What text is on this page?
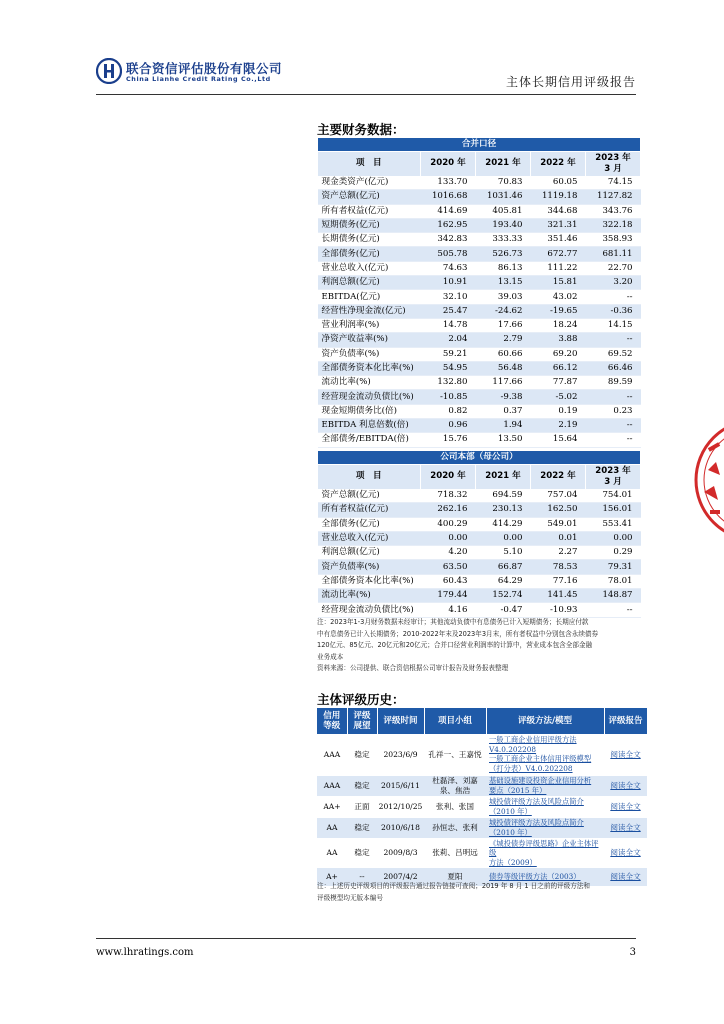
联合资信评估股份有限公司
China Lianhe Credit Rating Co.,Ltd	主体长期信用评级报告
主要财务数据：
合并口径				
项　目	2020 年	2021 年	2022 年	2023 年
3 月
现金类资产(亿元)	133.70	70.83	60.05	74.15
资产总额(亿元)	1016.68	1031.46	1119.18	1127.82
所有者权益(亿元)	414.69	405.81	344.68	343.76
短期债务(亿元)	162.95	193.40	321.31	322.18
长期债务(亿元)	342.83	333.33	351.46	358.93
全部债务(亿元)	505.78	526.73	672.77	681.11
营业总收入(亿元)	74.63	86.13	111.22	22.70
利润总额(亿元)	10.91	13.15	15.81	3.20
EBITDA(亿元)	32.10	39.03	43.02	--
经营性净现金流(亿元)	25.47	-24.62	-19.65	-0.36
营业利润率(%)	14.78	17.66	18.24	14.15
净资产收益率(%)	2.04	2.79	3.88	--
资产负债率(%)	59.21	60.66	69.20	69.52
全部债务资本化比率(%)	54.95	56.48	66.12	66.46
流动比率(%)	132.80	117.66	77.87	89.59
经营现金流动负债比(%)	-10.85	-9.38	-5.02	--
现金短期债务比(倍)	0.82	0.37	0.19	0.23
EBITDA 利息倍数(倍)	0.96	1.94	2.19	--
全部债务/EBITDA(倍)	15.76	13.50	15.64	--
公司本部（母公司）				
项　目	2020 年	2021 年	2022 年	2023 年
3 月
资产总额(亿元)	718.32	694.59	757.04	754.01
所有者权益(亿元)	262.16	230.13	162.50	156.01
全部债务(亿元)	400.29	414.29	549.01	553.41
营业总收入(亿元)	0.00	0.00	0.01	0.00
利润总额(亿元)	4.20	5.10	2.27	0.29
资产负债率(%)	63.50	66.87	78.53	79.31
全部债务资本化比率(%)	60.43	64.29	77.16	78.01
流动比率(%)	179.44	152.74	141.45	148.87
经营现金流动负债比(%)	4.16	-0.47	-10.93	--
注：2023年1-3月财务数据未经审计；其他流动负债中有息债务已计入短期债务；长期应付款
中有息债务已计入长期债务；2010-2022年末及2023年3月末，所有者权益中分别包含永续债券
120亿元、85亿元、20亿元和20亿元；合并口径营业利润率的计算中，营业成本包含全部金融
业务成本
资料来源：公司提供、联合资信根据公司审计报告及财务报表整理
主体评级历史：
信用
等级	评级
展望	评级时间	项目小组	评级方法/模型	评级报告
AAA	稳定	2023/6/9	孔祥一、王嘉悦	一般工商企业信用评级方法
V4.0.202208
一般工商企业主体信用评级模型
（打分表）V4.0.202208	阅读全文
AAA	稳定	2015/6/11	杜磊泽、刘嘉
泉、焦浩	基础设施建设投资企业信用分析
要点（2015 年）	阅读全文
AA+	正面	2012/10/25	张利、张国	城投债评级方法及风险点简介
（2010 年）	阅读全文
AA	稳定	2010/6/18	孙恒志、张利	城投债评级方法及风险点简介
（2010 年）	阅读全文
AA	稳定	2009/8/3	张莉、吕明远	《城投债券评级思路》企业主体评级
方法（2009）	阅读全文
A+	--	2007/4/2	夏阳	债券等级评级方法（2003）	阅读全文
注：上述历史评级项目的评级报告通过报告链接可查阅；2019 年 8 月 1 日之前的评级方法和
评级模型均无版本编号
www.lhratings.com	3
